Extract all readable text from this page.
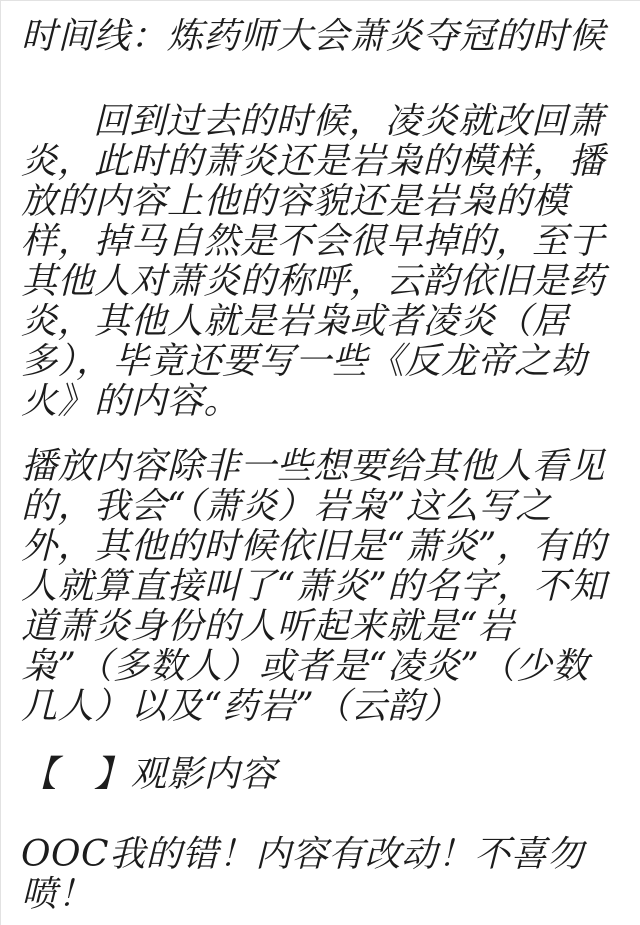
时间线：炼药师大会萧炎夺冠的时候

回到过去的时候，凌炎就改回萧炎，此时的萧炎还是岩枭的模样，播放的内容上他的容貌还是岩枭的模样，掉马自然是不会很早掉的，至于其他人对萧炎的称呼，云韵依旧是药炎，其他人就是岩枭或者凌炎（居多），毕竟还要写一些《反龙帝之劫火》的内容。

播放内容除非一些想要给其他人看见的，我会“（萧炎）岩枭”这么写之外，其他的时候依旧是“萧炎”，有的人就算直接叫了“萧炎”的名字，不知道萧炎身份的人听起来就是“岩枭”（多数人）或者是“凌炎”（少数几人）以及“药岩”（云韵）

【　】观影内容

OOC我的错！内容有改动！不喜勿喷！
